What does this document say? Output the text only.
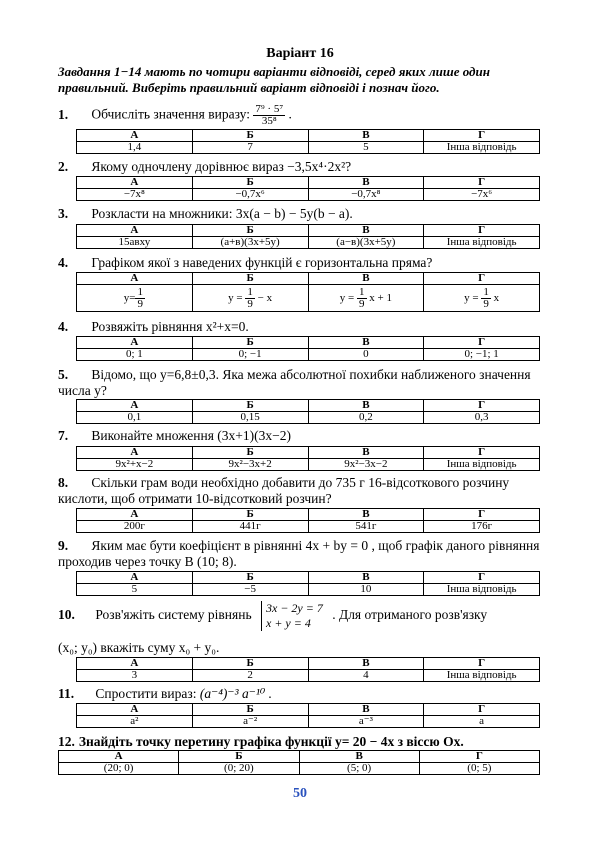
Варіант 16
Завдання 1−14 мають по чотири варіанти відповіді, серед яких лише один правильний. Виберіть правильний варіант відповіді і познач його.
1. Обчисліть значення виразу: $\frac{\text{7⁹ · 5⁷}}{\text{35⁸}}$ .
А	Б	В	Г
1,4	7	5	Інша відповідь
2. Якому одночлену дорівнює вираз −3,5x⁴·2x²?
А	Б	В	Г
−7x⁸	−0,7x⁶	−0,7x⁸	−7x⁶
3. Розкласти на множники: 3x(a − b) − 5y(b − a).
А	Б	В	Г
15авху	(а+в)(3х+5у)	(а−в)(3х+5у)	Інша відповідь
4. Графіком якої з наведених функцій є горизонтальна пряма?
А	Б	В	Г
$y= \frac{1}{9}$	$y = \frac{1}{9} - x$	$y = \frac{1}{9}$ x + 1	$y = \frac{1}{9}$ x
4. Розвяжіть рівняння x²+x=0.
А	Б	В	Г
0; 1	0; −1	0	0; −1; 1
5. Відомо, що у=6,8±0,3. Яка межа абсолютної похибки наближеного значення числа у?
А	Б	В	Г
0,1	0,15	0,2	0,3
7. Виконайте множення (3х+1)(3х−2)
А	Б	В	Г
9х²+х−2	9х²−3х+2	9х²−3х−2	Інша відповідь
8. Скільки грам води необхідно добавити до 735 г 16-відсоткового розчину кислоти, щоб отримати 10-відсотковий розчин?
А	Б	В	Г
200г	441г	541г	176г
9. Яким має бути коефіцієнт в рівнянні 4x + by = 0 , щоб графік даного рівняння проходив через точку В (10; 8).
А	Б	В	Г
5	−5	10	Інша відповідь
10. Розв'яжіть систему рівнянь 3x − 2y = 7
x + y = 4
. Для отриманого розв'язку
(x₀; y₀) вкажіть суму x₀ + y₀.
А	Б	В	Г
3	2	4	Інша відповідь
11. Спростити вираз: (a⁻⁴)⁻³ a⁻¹⁰ .
А	Б	В	Г
a²	a⁻²	a⁻³	a
12. Знайдіть точку перетину графіка функції у= 20 − 4х з віссю Ох.
А	Б	В	Г
(20; 0)	(0; 20)	(5; 0)	(0; 5)
50
